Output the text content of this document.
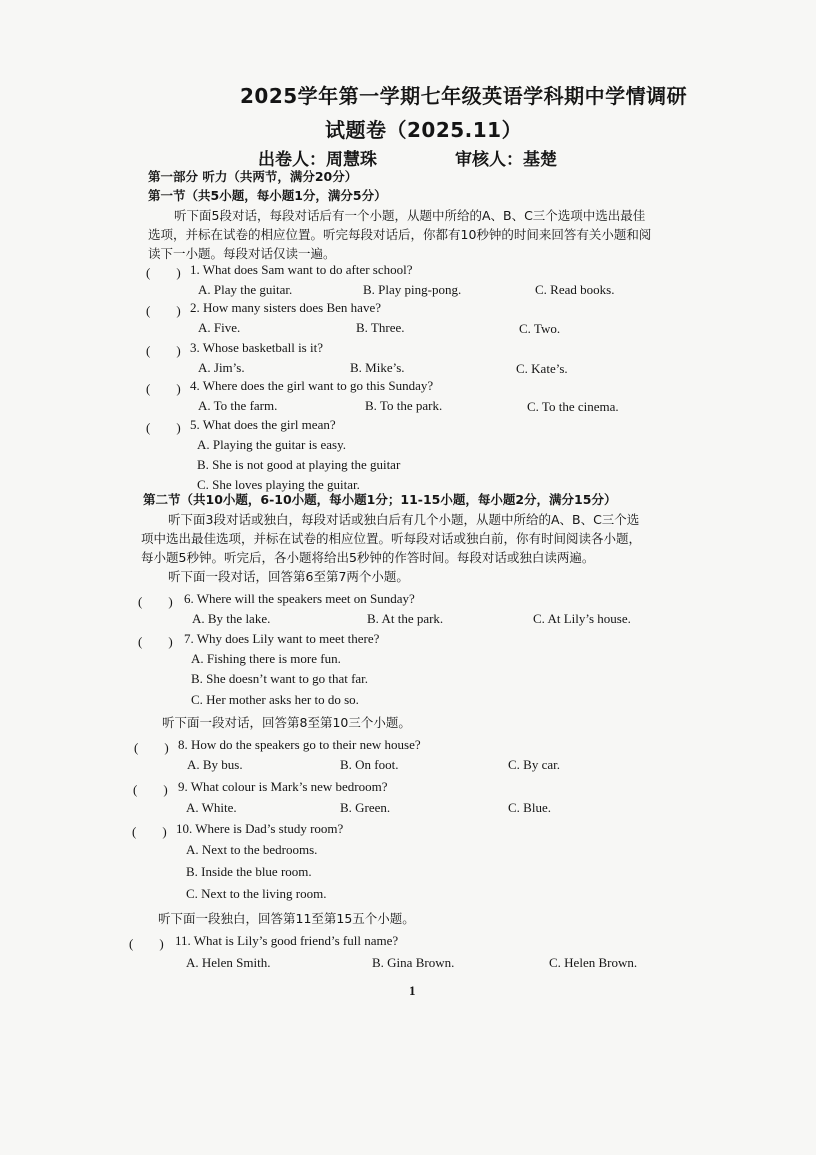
2025学年第一学期七年级英语学科期中学情调研
试题卷（2025.11）
出卷人：周慧珠	审核人：基楚
第一部分 听力（共两节，满分20分）
第一节（共5小题，每小题1分，满分5分）
听下面5段对话，每段对话后有一个小题，从题中所给的A、B、C三个选项中选出最佳
选项，并标在试卷的相应位置。听完每段对话后，你都有10秒钟的时间来回答有关小题和阅
读下一小题。每段对话仅读一遍。
(　　) 1. What does Sam want to do after school?
A. Play the guitar.	B. Play ping-pong.	C. Read books.
(　　) 2. How many sisters does Ben have?
A. Five.	B. Three.	C. Two.
(　　) 3. Whose basketball is it?
A. Jim’s.	B. Mike’s.	C. Kate’s.
(　　) 4. Where does the girl want to go this Sunday?
A. To the farm.	B. To the park.	C. To the cinema.
(　　) 5. What does the girl mean?
A. Playing the guitar is easy.
B. She is not good at playing the guitar
C. She loves playing the guitar.
第二节（共10小题，6-10小题，每小题1分；11-15小题，每小题2分，满分15分）
听下面3段对话或独白，每段对话或独白后有几个小题，从题中所给的A、B、C三个选
项中选出最佳选项，并标在试卷的相应位置。听每段对话或独白前，你有时间阅读各小题，
每小题5秒钟。听完后，各小题将给出5秒钟的作答时间。每段对话或独白读两遍。
听下面一段对话，回答第6至第7两个小题。
(　　) 6. Where will the speakers meet on Sunday?
A. By the lake.	B. At the park.	C. At Lily’s house.
(　　) 7. Why does Lily want to meet there?
A. Fishing there is more fun.
B. She doesn’t want to go that far.
C. Her mother asks her to do so.
听下面一段对话，回答第8至第10三个小题。
(　　) 8. How do the speakers go to their new house?
A. By bus.	B. On foot.	C. By car.
(　　) 9. What colour is Mark’s new bedroom?
A. White.	B. Green.	C. Blue.
(　　) 10. Where is Dad’s study room?
A. Next to the bedrooms.
B. Inside the blue room.
C. Next to the living room.
听下面一段独白，回答第11至第15五个小题。
(　　) 11. What is Lily’s good friend’s full name?
A. Helen Smith.	B. Gina Brown.	C. Helen Brown.
1
